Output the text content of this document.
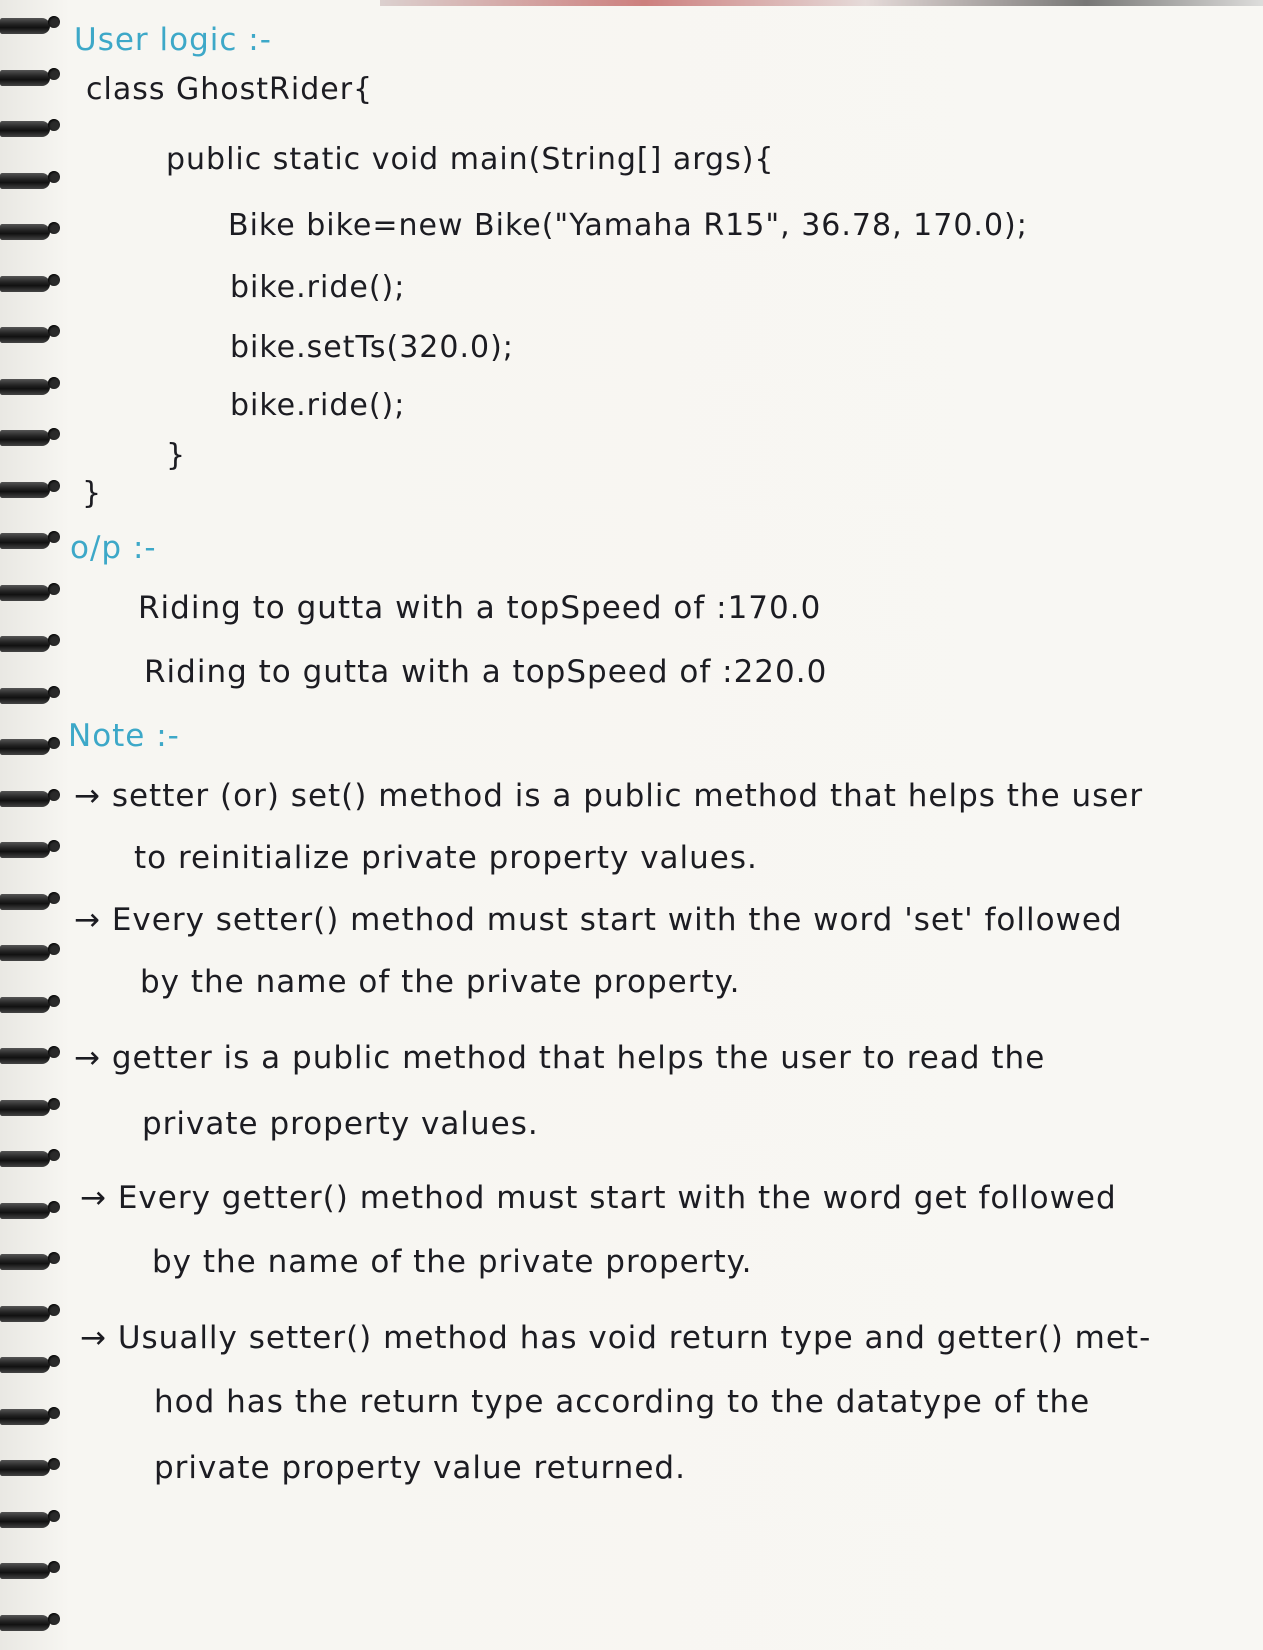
User logic :-
class GhostRider{
public static void main(String[] args){
Bike bike=new Bike("Yamaha R15", 36.78, 170.0);
bike.ride();
bike.setTs(320.0);
bike.ride();
}
}
o/p :-
Riding to gutta with a topSpeed of :170.0
Riding to gutta with a topSpeed of :220.0
Note :-
→ setter (or) set() method is a public method that helps the user
to reinitialize private property values.
→ Every setter() method must start with the word 'set' followed
by the name of the private property.
→ getter is a public method that helps the user to read the
private property values.
→ Every getter() method must start with the word get followed
by the name of the private property.
→ Usually setter() method has void return type and getter() met-
hod has the return type according to the datatype of the
private property value returned.
